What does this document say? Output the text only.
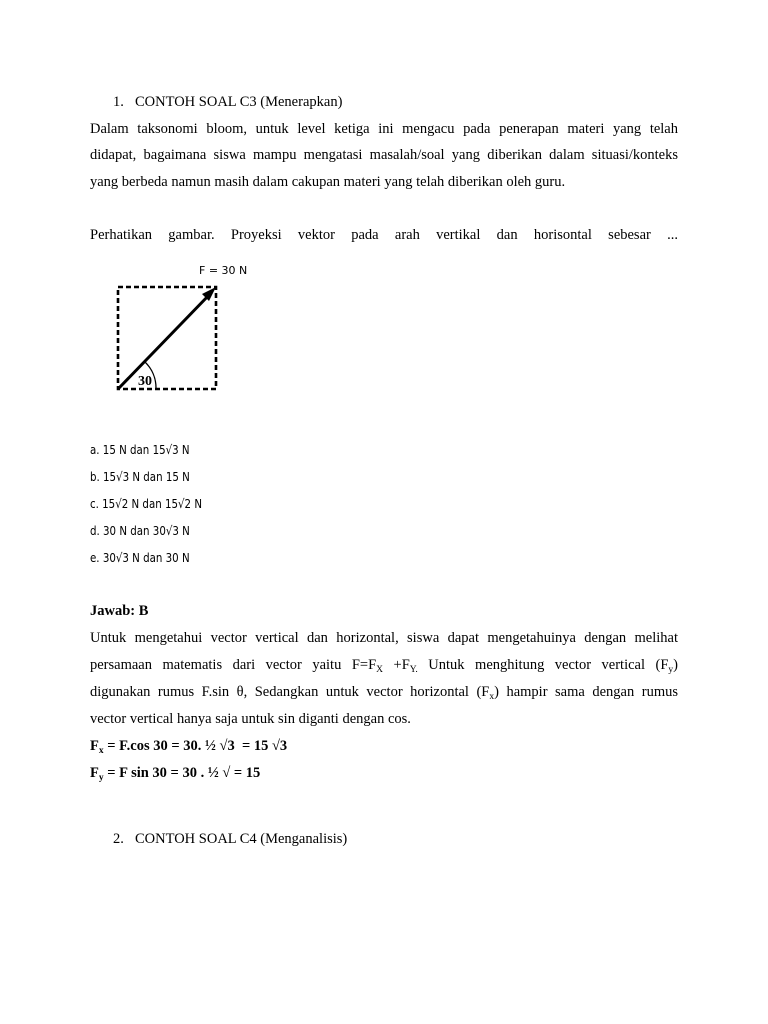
1. CONTOH SOAL C3 (Menerapkan)
Dalam taksonomi bloom, untuk level ketiga ini mengacu pada penerapan materi yang telah
didapat, bagaimana siswa mampu mengatasi masalah/soal yang diberikan dalam situasi/konteks
yang berbeda namun masih dalam cakupan materi yang telah diberikan oleh guru.
Perhatikan gambar. Proyeksi vektor pada arah vertikal dan horisontal sebesar ...
F = 30 N
30
a. 15 N dan 15√3 N
b. 15√3 N dan 15 N
c. 15√2 N dan 15√2 N
d. 30 N dan 30√3 N
e. 30√3 N dan 30 N
Jawab: B
Untuk mengetahui vector vertical dan horizontal, siswa dapat mengetahuinya dengan melihat
persamaan matematis dari vector yaitu $F=F_X +F_{Y.}$ Untuk menghitung vector vertical $(F_y)$
digunakan rumus F.sin θ, Sedangkan untuk vector horizontal $(F_x)$ hampir sama dengan rumus
vector vertical hanya saja untuk sin diganti dengan cos.
$F_x = F.\cos$ 30 = 30. ½ √3  = 15 √3
$F_y = F$ sin 30 = 30 . ½ √ = 15
2. CONTOH SOAL C4 (Menganalisis)
